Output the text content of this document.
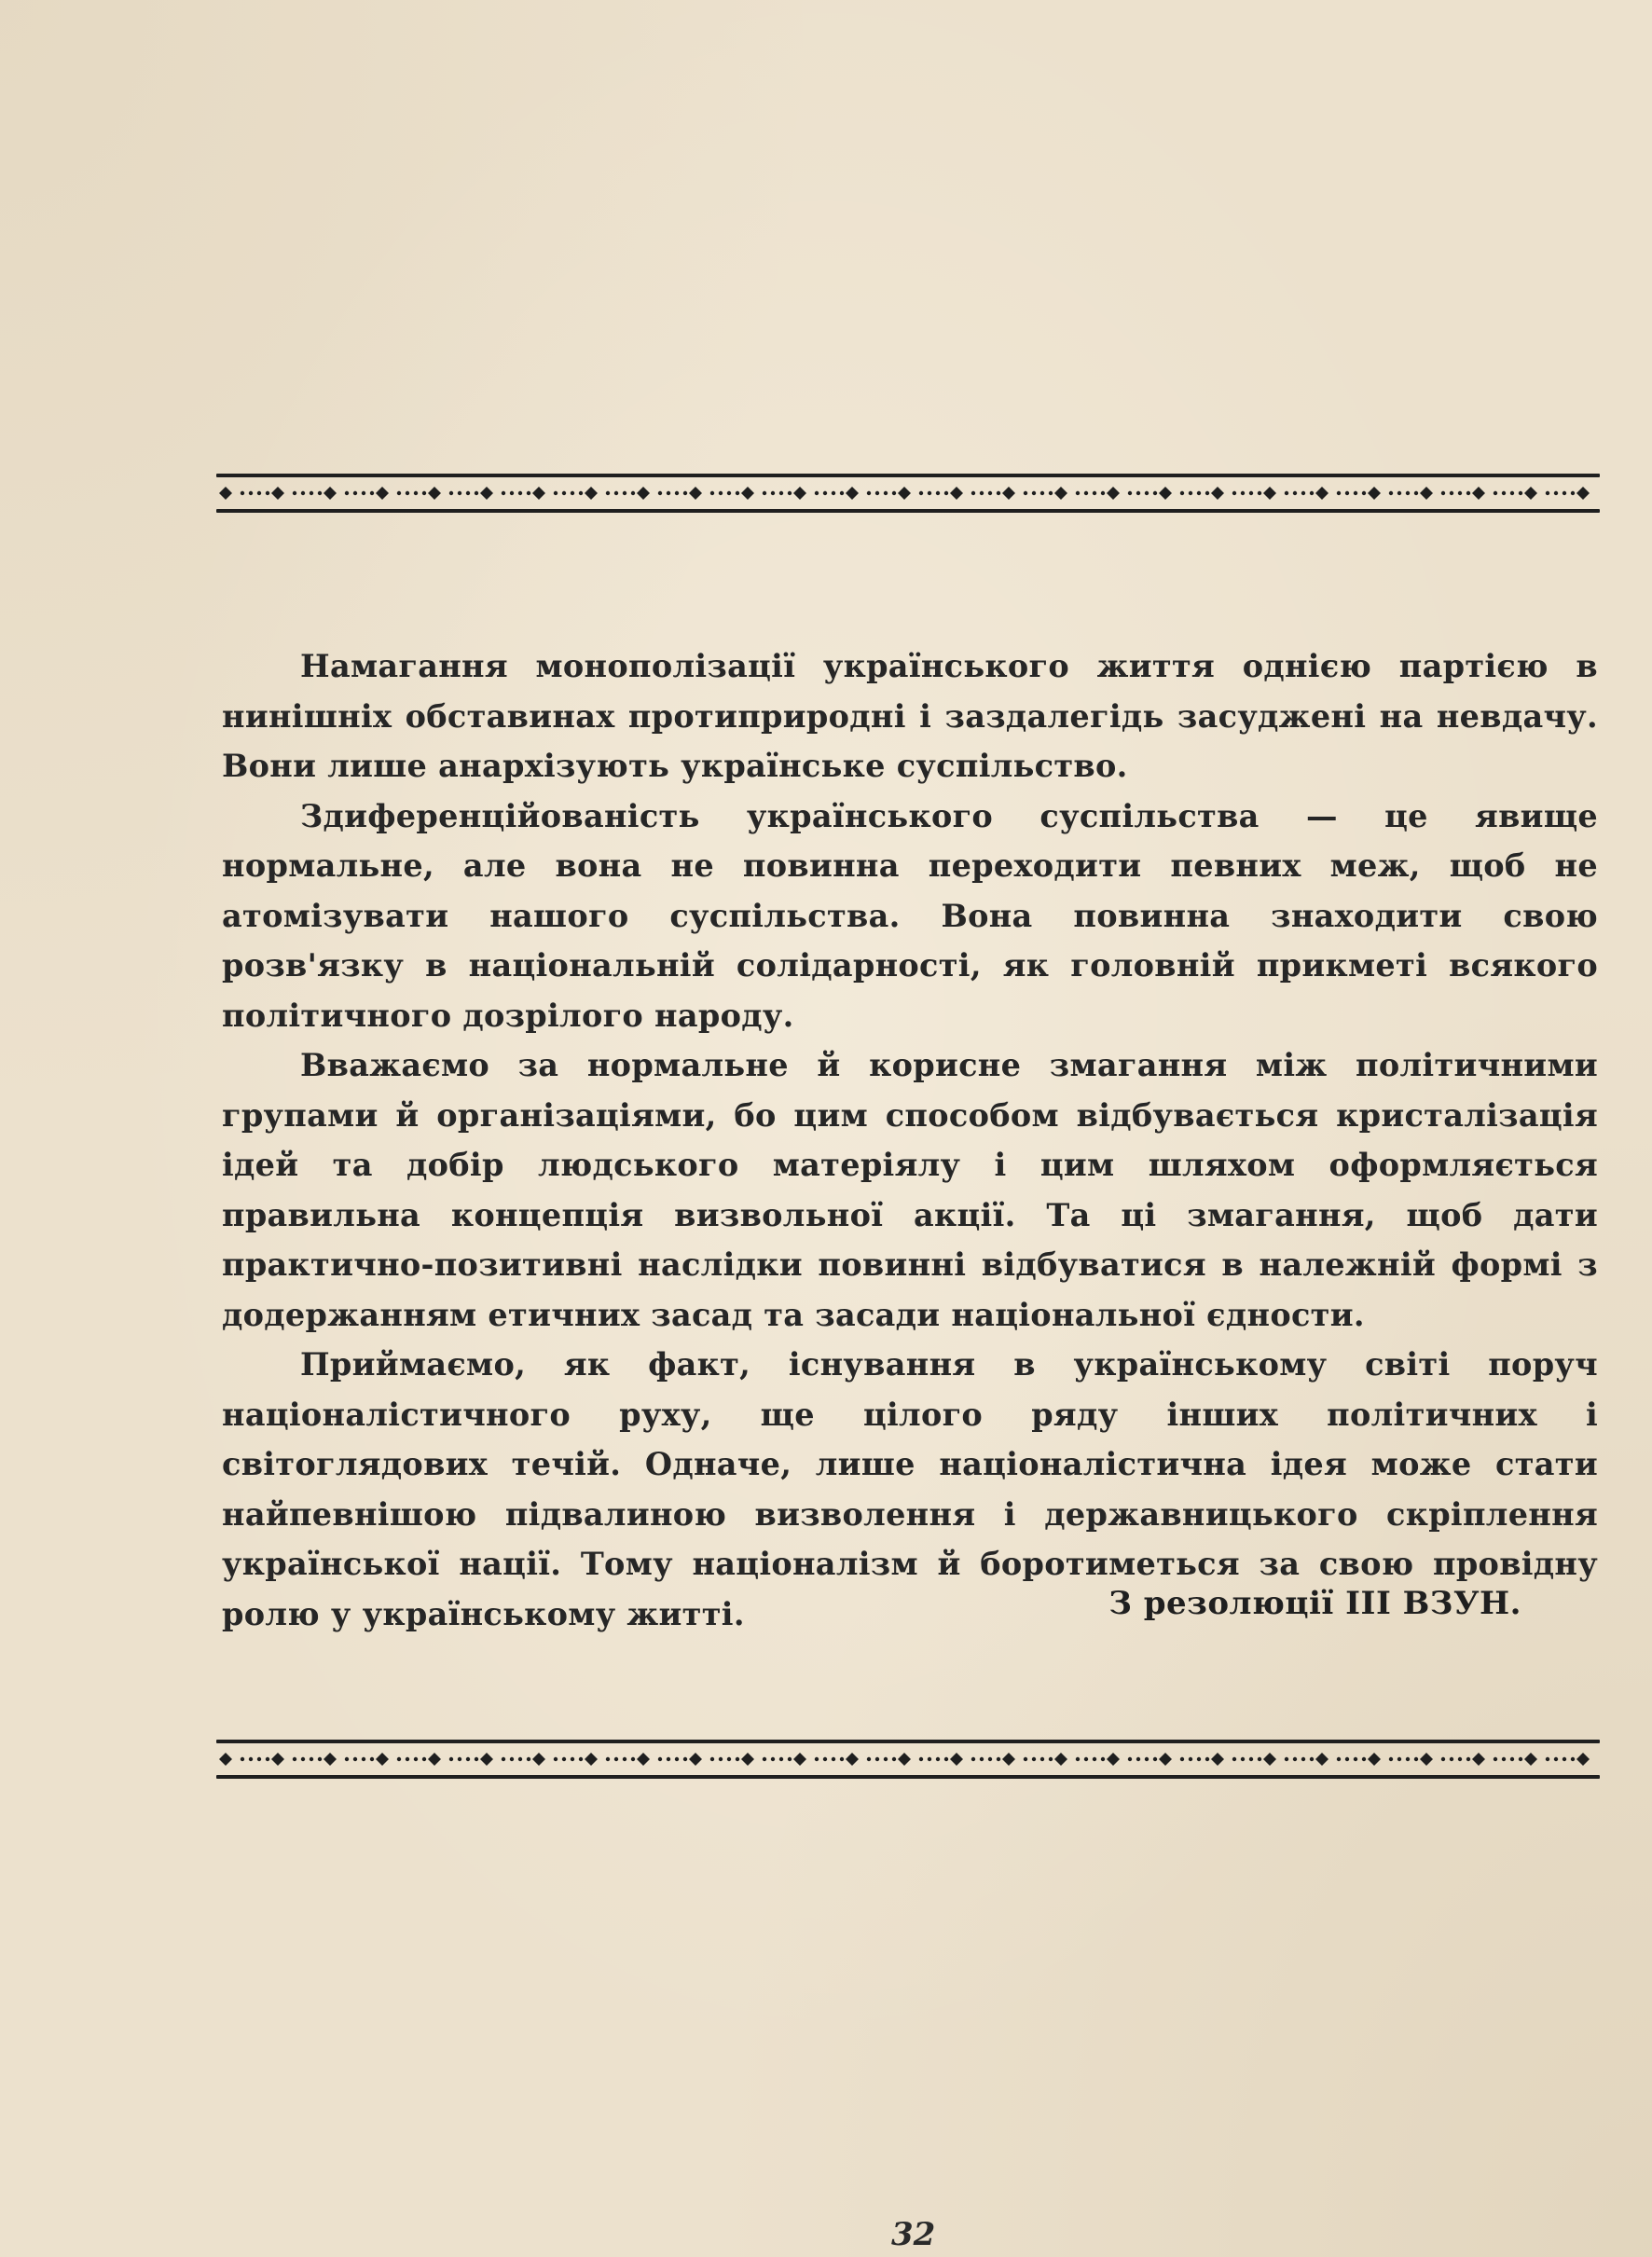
Намагання монополізації українського життя однією партією в нинішніх обставинах протиприродні і заздалегідь засуджені на невдачу. Вони лише анархізують українське суспільство.

Здиференційованість українського суспільства — це явище нормальне, але вона не повинна переходити певних меж, щоб не атомізувати нашого суспільства. Вона повинна знаходити свою розв'язку в національній солідарності, як головній прикметі всякого політичного дозрілого народу.

Вважаємо за нормальне й корисне змагання між політичними групами й організаціями, бо цим способом відбувається кристалізація ідей та добір людського матеріялу і цим шляхом оформляється правильна концепція визвольної акції. Та ці змагання, щоб дати практично-позитивні наслідки повинні відбуватися в належній формі з додержанням етичних засад та засади національної єдности.

Приймаємо, як факт, існування в українському світі поруч націоналістичного руху, ще цілого ряду інших політичних і світоглядових течій. Одначе, лише націоналістична ідея може стати найпевнішою підвалиною визволення і державницького скріплення української нації. Тому націоналізм й боротиметься за свою провідну ролю у українському житті.	З резолюції ІІІ ВЗУН.
32
